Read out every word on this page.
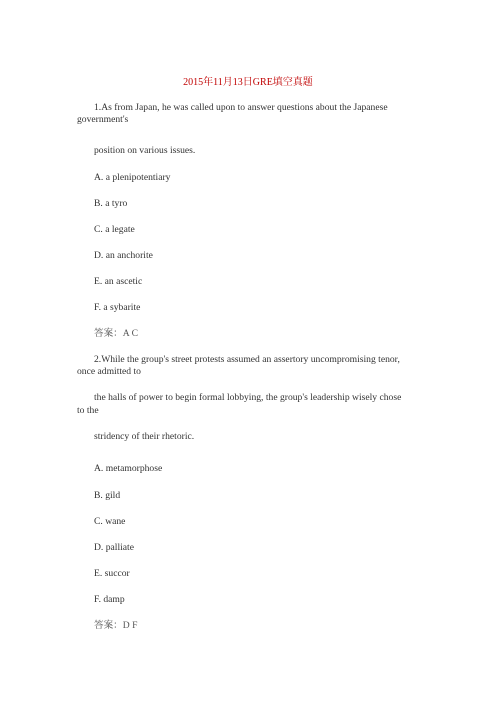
2015年11月13日GRE填空真题
1.As from Japan, he was called upon to answer questions about the Japanese
government's
position on various issues.
A. a plenipotentiary
B. a tyro
C. a legate
D. an anchorite
E. an ascetic
F. a sybarite
答案：A C
2.While the group's street protests assumed an assertory uncompromising tenor,
once admitted to
the halls of power to begin formal lobbying, the group's leadership wisely chose
to the
stridency of their rhetoric.
A. metamorphose
B. gild
C. wane
D. palliate
E. succor
F. damp
答案：D F
